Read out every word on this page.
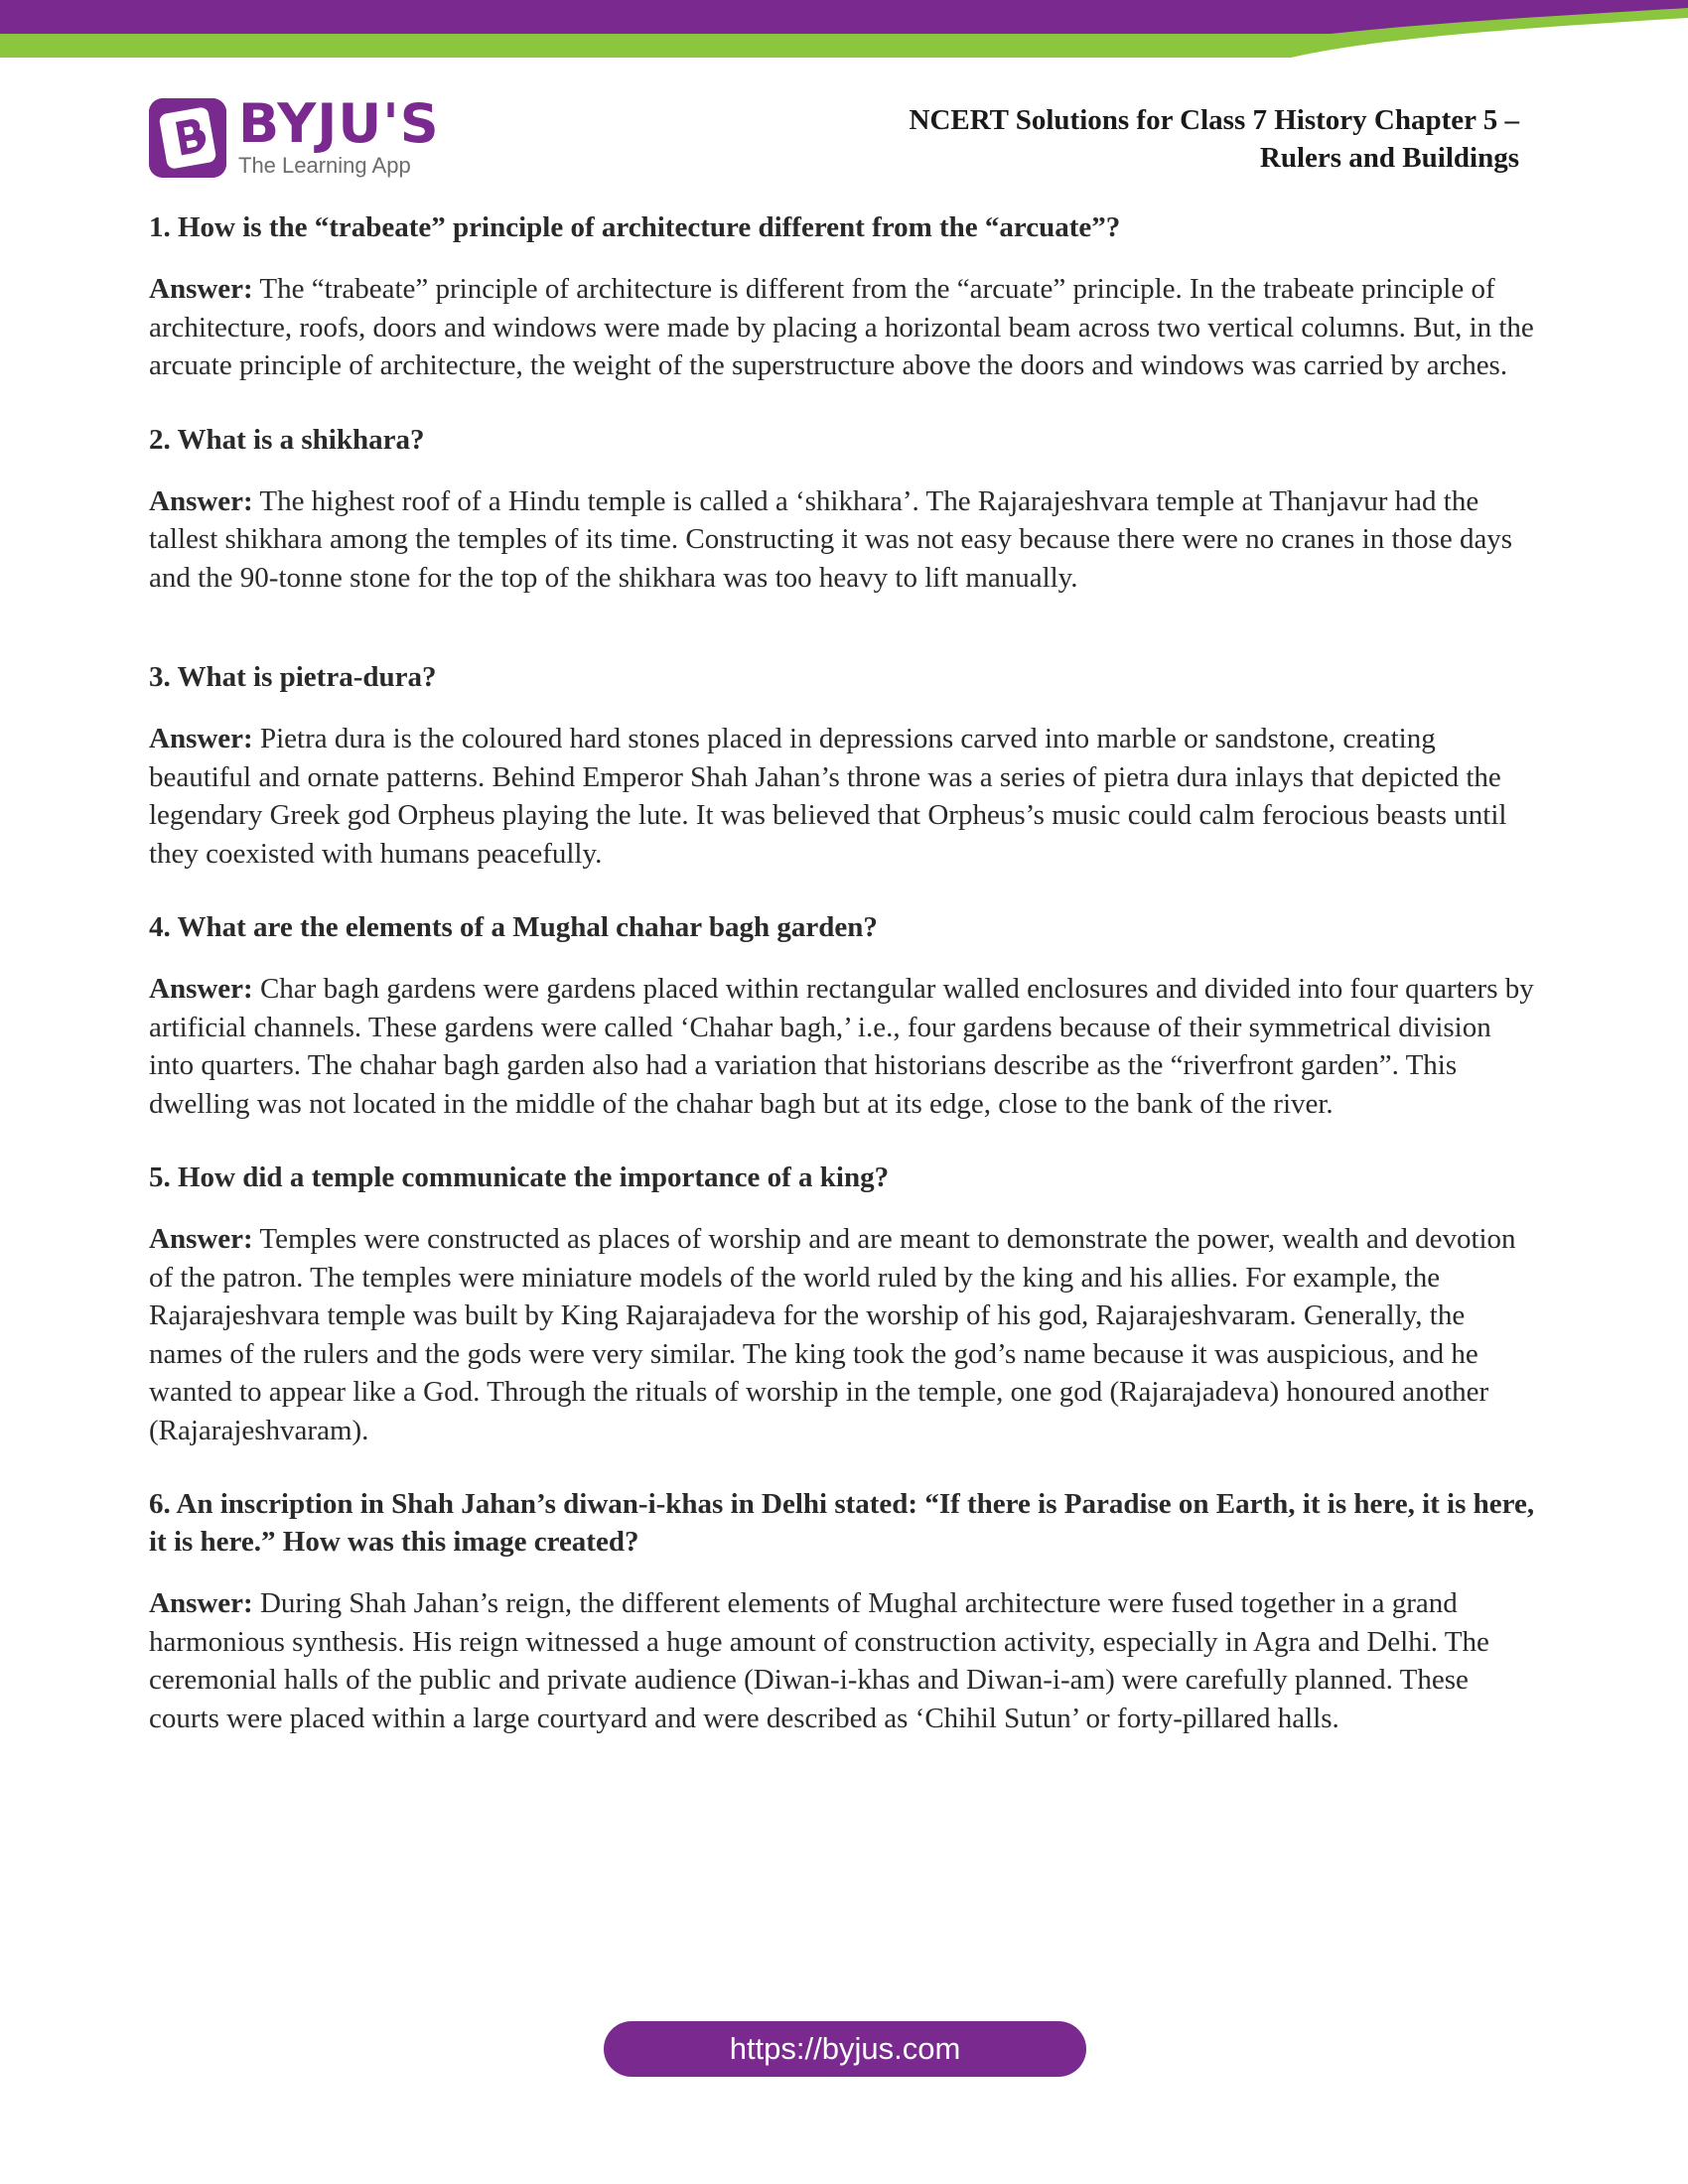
BYJU'S
The Learning App
NCERT Solutions for Class 7 History Chapter 5 –
Rulers and Buildings
1. How is the “trabeate” principle of architecture different from the “arcuate”?
Answer: The “trabeate” principle of architecture is different from the “arcuate” principle. In the trabeate principle of architecture, roofs, doors and windows were made by placing a horizontal beam across two vertical columns. But, in the arcuate principle of architecture, the weight of the superstructure above the doors and windows was carried by arches.
2. What is a shikhara?
Answer: The highest roof of a Hindu temple is called a ‘shikhara’. The Rajarajeshvara temple at Thanjavur had the tallest shikhara among the temples of its time. Constructing it was not easy because there were no cranes in those days and the 90-tonne stone for the top of the shikhara was too heavy to lift manually.
3. What is pietra-dura?
Answer: Pietra dura is the coloured hard stones placed in depressions carved into marble or sandstone, creating beautiful and ornate patterns. Behind Emperor Shah Jahan’s throne was a series of pietra dura inlays that depicted the legendary Greek god Orpheus playing the lute. It was believed that Orpheus’s music could calm ferocious beasts until they coexisted with humans peacefully.
4. What are the elements of a Mughal chahar bagh garden?
Answer: Char bagh gardens were gardens placed within rectangular walled enclosures and divided into four quarters by artificial channels. These gardens were called ‘Chahar bagh,’ i.e., four gardens because of their symmetrical division into quarters. The chahar bagh garden also had a variation that historians describe as the “riverfront garden”. This dwelling was not located in the middle of the chahar bagh but at its edge, close to the bank of the river.
5. How did a temple communicate the importance of a king?
Answer: Temples were constructed as places of worship and are meant to demonstrate the power, wealth and devotion of the patron. The temples were miniature models of the world ruled by the king and his allies. For example, the Rajarajeshvara temple was built by King Rajarajadeva for the worship of his god, Rajarajeshvaram. Generally, the names of the rulers and the gods were very similar. The king took the god’s name because it was auspicious, and he wanted to appear like a God. Through the rituals of worship in the temple, one god (Rajarajadeva) honoured another (Rajarajeshvaram).
6. An inscription in Shah Jahan’s diwan-i-khas in Delhi stated: “If there is Paradise on Earth, it is here, it is here, it is here.” How was this image created?
Answer: During Shah Jahan’s reign, the different elements of Mughal architecture were fused together in a grand harmonious synthesis. His reign witnessed a huge amount of construction activity, especially in Agra and Delhi. The ceremonial halls of the public and private audience (Diwan-i-khas and Diwan-i-am) were carefully planned. These courts were placed within a large courtyard and were described as ‘Chihil Sutun’ or forty-pillared halls.
https://byjus.com
